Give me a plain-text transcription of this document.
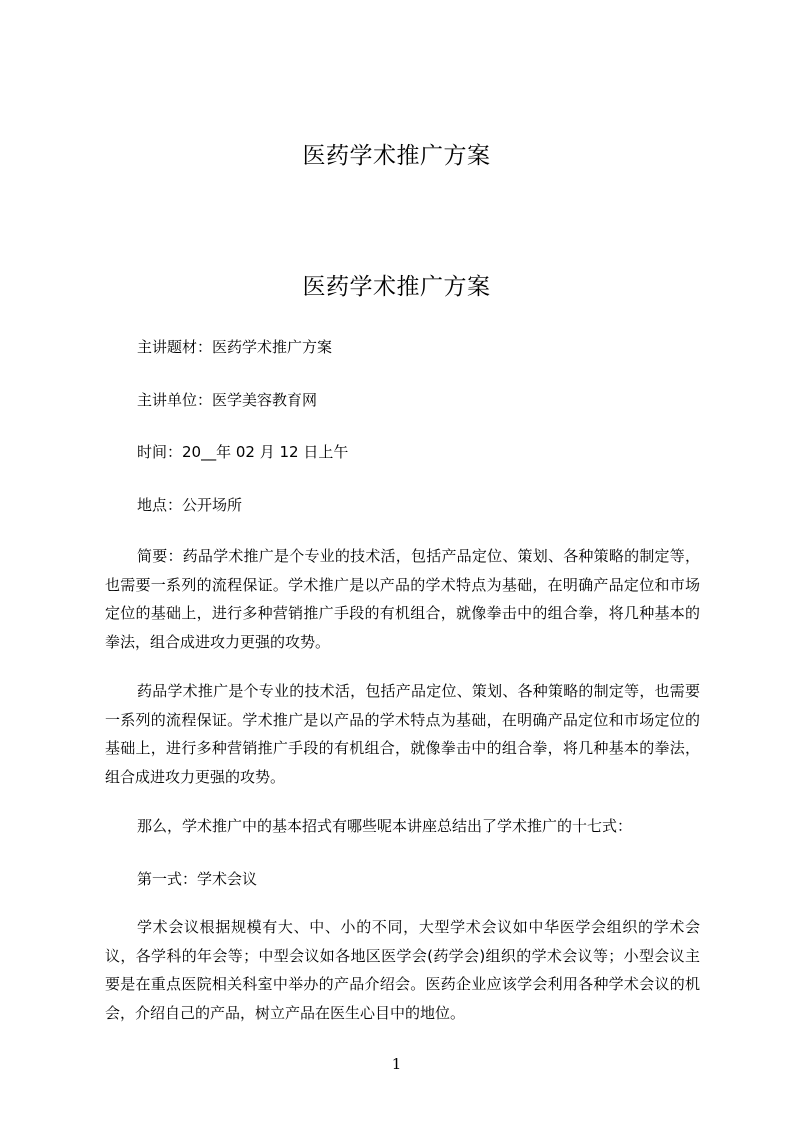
医药学术推广方案
医药学术推广方案
主讲题材：医药学术推广方案
主讲单位：医学美容教育网
时间：20__年 02 月 12 日上午
地点：公开场所

简要：药品学术推广是个专业的技术活，包括产品定位、策划、各种策略的制定等，也需要一系列的流程保证。学术推广是以产品的学术特点为基础，在明确产品定位和市场定位的基础上，进行多种营销推广手段的有机组合，就像拳击中的组合拳，将几种基本的拳法，组合成进攻力更强的攻势。

药品学术推广是个专业的技术活，包括产品定位、策划、各种策略的制定等，也需要一系列的流程保证。学术推广是以产品的学术特点为基础，在明确产品定位和市场定位的基础上，进行多种营销推广手段的有机组合，就像拳击中的组合拳，将几种基本的拳法，组合成进攻力更强的攻势。

那么，学术推广中的基本招式有哪些呢本讲座总结出了学术推广的十七式：
第一式：学术会议

学术会议根据规模有大、中、小的不同，大型学术会议如中华医学会组织的学术会议，各学科的年会等；中型会议如各地区医学会(药学会)组织的学术会议等；小型会议主要是在重点医院相关科室中举办的产品介绍会。医药企业应该学会利用各种学术会议的机会，介绍自己的产品，树立产品在医生心目中的地位。

1
